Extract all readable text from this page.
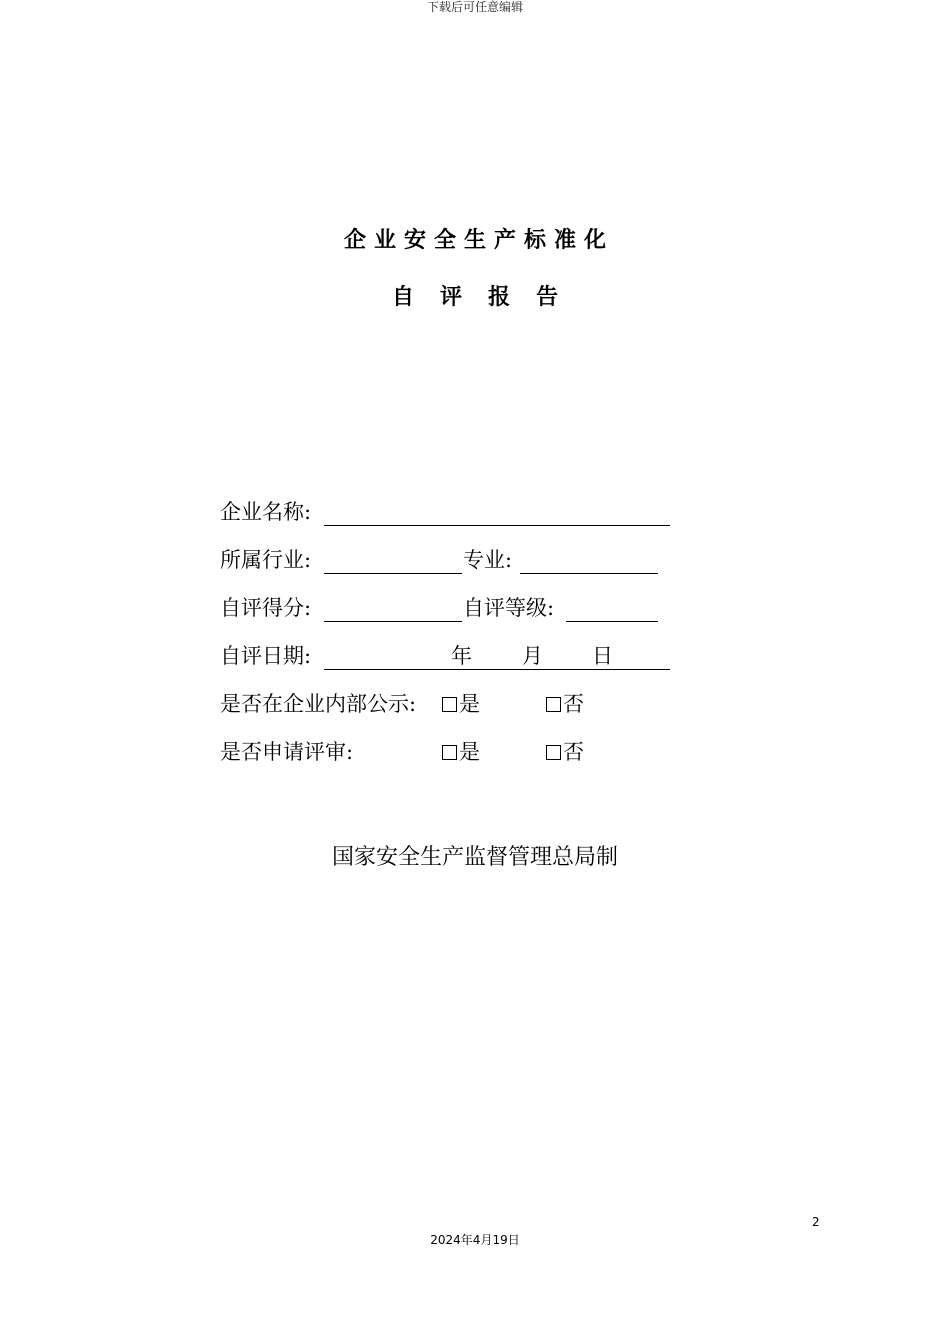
下载后可任意编辑
企业安全生产标准化
自评报告
企业名称:
所属行业:	专业:
自评得分:	自评等级:
自评日期:	年 月 日
是否在企业内部公示:	是	否
是否申请评审:	是	否
国家安全生产监督管理总局制
2
2024年4月19日
